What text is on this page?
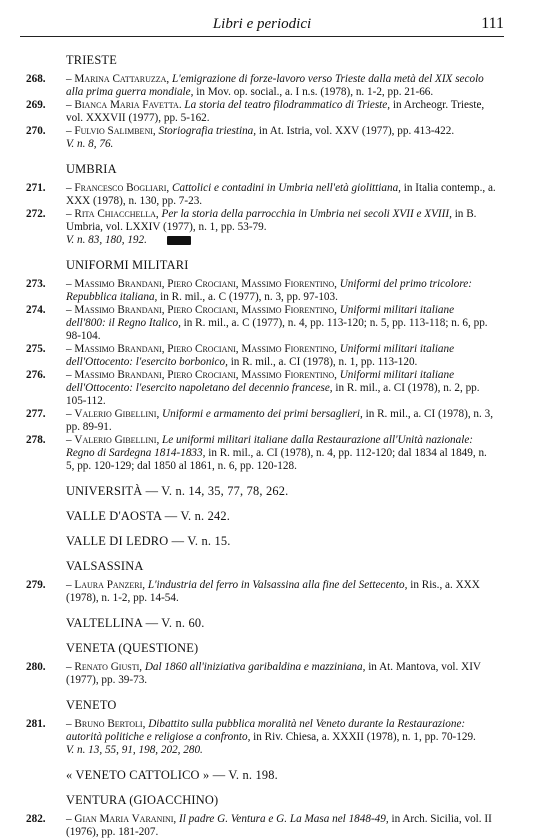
Libri e periodici	111
TRIESTE
268. – Marina Cattaruzza, L'emigrazione di forze-lavoro verso Trieste dalla metà del XIX secolo alla prima guerra mondiale, in Mov. op. social., a. I n.s. (1978), n. 1-2, pp. 21-66.
269. – Bianca Maria Favetta. La storia del teatro filodrammatico di Trieste, in Archeogr. Trieste, vol. XXXVII (1977), pp. 5-162.
270. – Fulvio Salimbeni, Storiografia triestina, in At. Istria, vol. XXV (1977), pp. 413-422.
V. n. 8, 76.
UMBRIA
271. – Francesco Bogliari, Cattolici e contadini in Umbria nell'età giolittiana, in Italia contemp., a. XXX (1978), n. 130, pp. 7-23.
272. – Rita Chiacchella, Per la storia della parrocchia in Umbria nei secoli XVII e XVIII, in B. Umbria, vol. LXXIV (1977), n. 1, pp. 53-79.
V. n. 83, 180, 192.
UNIFORMI MILITARI
273. – Massimo Brandani, Piero Crociani, Massimo Fiorentino, Uniformi del primo tricolore: Repubblica italiana, in R. mil., a. C (1977), n. 3, pp. 97-103.
274. – Massimo Brandani, Piero Crociani, Massimo Fiorentino, Uniformi militari italiane dell'800: il Regno Italico, in R. mil., a. C (1977), n. 4, pp. 113-120; n. 5, pp. 113-118; n. 6, pp. 98-104.
275. – Massimo Brandani, Piero Crociani, Massimo Fiorentino, Uniformi militari italiane dell'Ottocento: l'esercito borbonico, in R. mil., a. CI (1978), n. 1, pp. 113-120.
276. – Massimo Brandani, Piero Crociani, Massimo Fiorentino, Uniformi militari italiane dell'Ottocento: l'esercito napoletano del decennio francese, in R. mil., a. CI (1978), n. 2, pp. 105-112.
277. – Valerio Gibellini, Uniformi e armamento dei primi bersaglieri, in R. mil., a. CI (1978), n. 3, pp. 89-91.
278. – Valerio Gibellini, Le uniformi militari italiane dalla Restaurazione all'Unità nazionale: Regno di Sardegna 1814-1833, in R. mil., a. CI (1978), n. 4, pp. 112-120; dal 1834 al 1849, n. 5, pp. 120-129; dal 1850 al 1861, n. 6, pp. 120-128.
UNIVERSITÀ — V. n. 14, 35, 77, 78, 262.
VALLE D'AOSTA — V. n. 242.
VALLE DI LEDRO — V. n. 15.
VALSASSINA
279. – Laura Panzeri, L'industria del ferro in Valsassina alla fine del Settecento, in Ris., a. XXX (1978), n. 1-2, pp. 14-54.
VALTELLINA — V. n. 60.
VENETA (QUESTIONE)
280. – Renato Giusti, Dal 1860 all'iniziativa garibaldina e mazziniana, in At. Mantova, vol. XIV (1977), pp. 39-73.
VENETO
281. – Bruno Bertoli, Dibattito sulla pubblica moralità nel Veneto durante la Restaurazione: autorità politiche e religiose a confronto, in Riv. Chiesa, a. XXXII (1978), n. 1, pp. 70-129.
V. n. 13, 55, 91, 198, 202, 280.
« VENETO CATTOLICO » — V. n. 198.
VENTURA (GIOACCHINO)
282. – Gian Maria Varanini, Il padre G. Ventura e G. La Masa nel 1848-49, in Arch. Sicilia, vol. II (1976), pp. 181-207.
